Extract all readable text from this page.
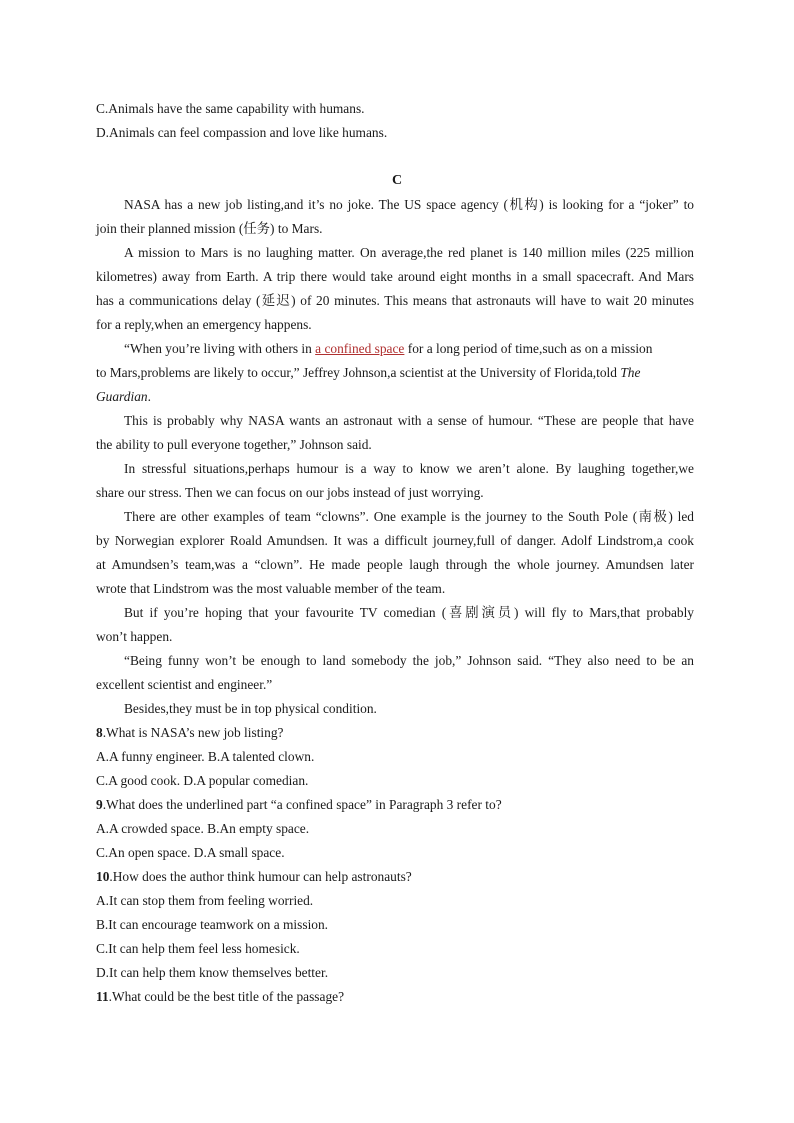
C.Animals have the same capability with humans.
D.Animals can feel compassion and love like humans.
C
NASA has a new job listing,and it’s no joke. The US space agency (机构) is looking for a “joker” to
join their planned mission (任务) to Mars.
A mission to Mars is no laughing matter. On average,the red planet is 140 million miles (225 million
kilometres) away from Earth. A trip there would take around eight months in a small spacecraft. And Mars
has a communications delay (延迟) of 20 minutes. This means that astronauts will have to wait 20 minutes
for a reply,when an emergency happens.
“When you’re living with others in a confined space for a long period of time,such as on a mission
to Mars,problems are likely to occur,” Jeffrey Johnson,a scientist at the University of Florida,told The
Guardian.
This is probably why NASA wants an astronaut with a sense of humour. “These are people that have
the ability to pull everyone together,” Johnson said.
In stressful situations,perhaps humour is a way to know we aren’t alone. By laughing together,we
share our stress. Then we can focus on our jobs instead of just worrying.
There are other examples of team “clowns”. One example is the journey to the South Pole (南极) led
by Norwegian explorer Roald Amundsen. It was a difficult journey,full of danger. Adolf Lindstrom,a cook
at Amundsen’s team,was a “clown”. He made people laugh through the whole journey. Amundsen later
wrote that Lindstrom was the most valuable member of the team.
But if you’re hoping that your favourite TV comedian (喜剧演员) will fly to Mars,that probably
won’t happen.
“Being funny won’t be enough to land somebody the job,” Johnson said. “They also need to be an
excellent scientist and engineer.”
Besides,they must be in top physical condition.
8.What is NASA’s new job listing?
A.A funny engineer. B.A talented clown.
C.A good cook. D.A popular comedian.
9.What does the underlined part “a confined space” in Paragraph 3 refer to?
A.A crowded space. B.An empty space.
C.An open space. D.A small space.
10.How does the author think humour can help astronauts?
A.It can stop them from feeling worried.
B.It can encourage teamwork on a mission.
C.It can help them feel less homesick.
D.It can help them know themselves better.
11.What could be the best title of the passage?
